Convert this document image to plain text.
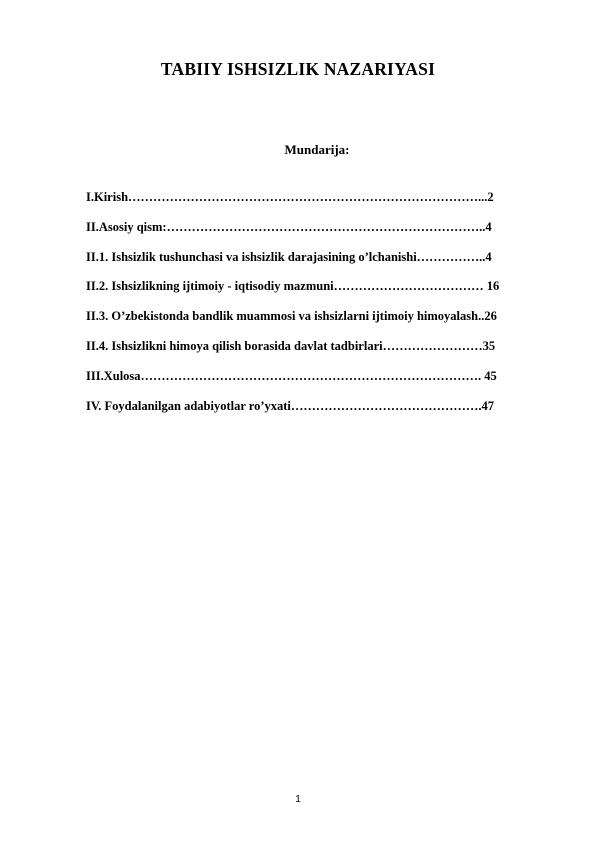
TABIIY ISHSIZLIK NAZARIYASI
Mundarija:
I.Kirish…………………………………………………………………………...2
II.Asosiy qism:…………………………………………………………………..4
II.1. Ishsizlik tushunchasi va ishsizlik darajasining o’lchanishi……………..4
II.2. Ishsizlikning ijtimoiy - iqtisodiy mazmuni……………………………… 16
II.3. O’zbekistonda bandlik muammosi va ishsizlarni ijtimoiy himoyalash..26
II.4. Ishsizlikni himoya qilish borasida davlat tadbirlari……………………35
III.Xulosa………………………………………………………………………. 45
IV. Foydalanilgan adabiyotlar ro’yxati……………………………………….47
1
